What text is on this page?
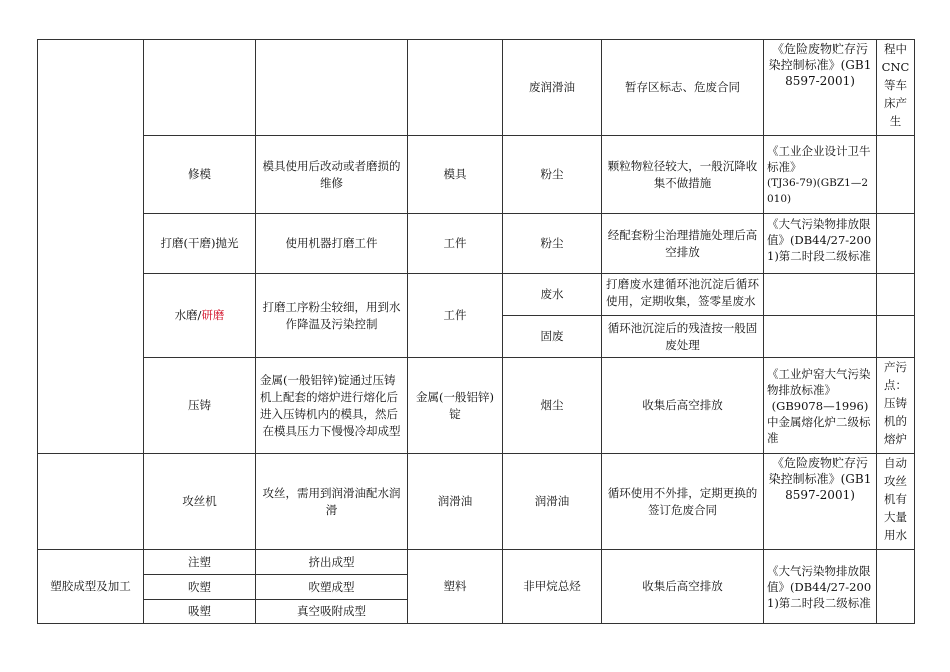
				废润滑油	暂存区标志、危废合同	《危险废物贮存污染控制标准》(GB18597-2001)	程中CNC等车床产生
	修模	模具使用后改动或者磨损的维修	模具	粉尘	颗粒物粒径较大，一般沉降收集不做措施	《工业企业设计卫牛标准》
(TJ36-79)(GBZ1—2010)	

	打磨(干磨)抛光	使用机器打磨工件	工件	粉尘	经配套粉尘治理措施处理后高空排放	《大气污染物排放限值》(DB44/27-2001)第二时段二级标准	

	水磨/研磨	打磨工序粉尘较细，用到水作降温及污染控制	工件	废水	打磨废水建循环池沉淀后循环使用，定期收集，签零星废水		

				固废	循环池沉淀后的残渣按一般固废处理		
	压铸	金属(一般铝锌)锭通过压铸机上配套的熔炉进行熔化后进入压铸机内的模具，然后在模具压力下慢慢冷却成型	金属(一般铝锌)锭	烟尘	收集后高空排放	《工业炉窑大气污染物排放标准》
(GB9078—1996)
中金属熔化炉二级标准	产污点：压铸机的熔炉
	攻丝机	攻丝，需用到润滑油配水润滑	润滑油	润滑油	循环使用不外排，定期更换的签订危废合同	《危险废物贮存污染控制标准》(GB18597-2001)	自动攻丝机有大量用水
塑胶成型及加工	注塑	挤出成型	塑料	非甲烷总烃	收集后高空排放	《大气污染物排放限值》(DB44/27-2001)第二时段二级标准	
	吹塑	吹塑成型					
	吸塑	真空吸附成型					
